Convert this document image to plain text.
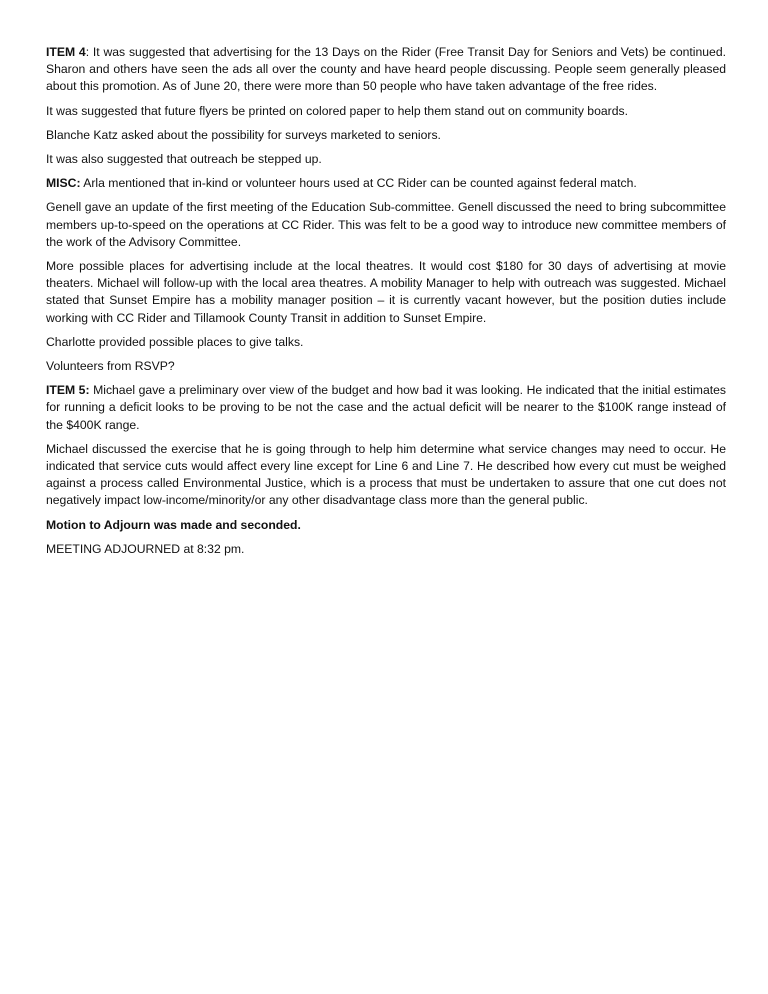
ITEM 4: It was suggested that advertising for the 13 Days on the Rider (Free Transit Day for Seniors and Vets) be continued. Sharon and others have seen the ads all over the county and have heard people discussing. People seem generally pleased about this promotion. As of June 20, there were more than 50 people who have taken advantage of the free rides.

It was suggested that future flyers be printed on colored paper to help them stand out on community boards.

Blanche Katz asked about the possibility for surveys marketed to seniors.

It was also suggested that outreach be stepped up.

MISC: Arla mentioned that in-kind or volunteer hours used at CC Rider can be counted against federal match.

Genell gave an update of the first meeting of the Education Sub-committee. Genell discussed the need to bring subcommittee members up-to-speed on the operations at CC Rider. This was felt to be a good way to introduce new committee members of the work of the Advisory Committee.

More possible places for advertising include at the local theatres. It would cost $180 for 30 days of advertising at movie theaters. Michael will follow-up with the local area theatres. A mobility Manager to help with outreach was suggested. Michael stated that Sunset Empire has a mobility manager position – it is currently vacant however, but the position duties include working with CC Rider and Tillamook County Transit in addition to Sunset Empire.

Charlotte provided possible places to give talks.

Volunteers from RSVP?

ITEM 5: Michael gave a preliminary over view of the budget and how bad it was looking. He indicated that the initial estimates for running a deficit looks to be proving to be not the case and the actual deficit will be nearer to the $100K range instead of the $400K range.

Michael discussed the exercise that he is going through to help him determine what service changes may need to occur. He indicated that service cuts would affect every line except for Line 6 and Line 7. He described how every cut must be weighed against a process called Environmental Justice, which is a process that must be undertaken to assure that one cut does not negatively impact low-income/minority/or any other disadvantage class more than the general public.

Motion to Adjourn was made and seconded.

MEETING ADJOURNED at 8:32 pm.
